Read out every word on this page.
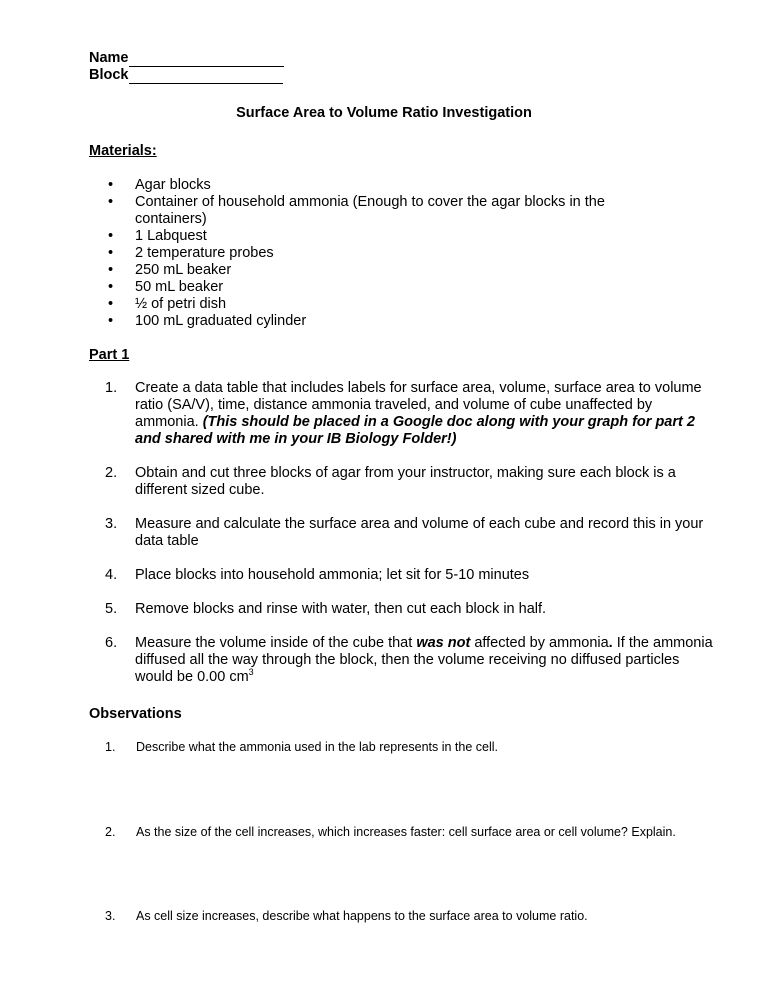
Name
Block
Surface Area to Volume Ratio Investigation
Materials:
• Agar blocks
• Container of household ammonia (Enough to cover the agar blocks in the containers)
• 1 Labquest
• 2 temperature probes
• 250 mL beaker
• 50 mL beaker
• ½ of petri dish
• 100 mL graduated cylinder
Part 1
1. Create a data table that includes labels for surface area, volume, surface area to volume ratio (SA/V), time, distance ammonia traveled, and volume of cube unaffected by ammonia. (This should be placed in a Google doc along with your graph for part 2 and shared with me in your IB Biology Folder!)
2. Obtain and cut three blocks of agar from your instructor, making sure each block is a different sized cube.
3. Measure and calculate the surface area and volume of each cube and record this in your data table
4. Place blocks into household ammonia; let sit for 5-10 minutes
5. Remove blocks and rinse with water, then cut each block in half.
6. Measure the volume inside of the cube that was not affected by ammonia. If the ammonia diffused all the way through the block, then the volume receiving no diffused particles would be 0.00 $cm^3$
Observations
1. Describe what the ammonia used in the lab represents in the cell.
2. As the size of the cell increases, which increases faster: cell surface area or cell volume? Explain.
3. As cell size increases, describe what happens to the surface area to volume ratio.
